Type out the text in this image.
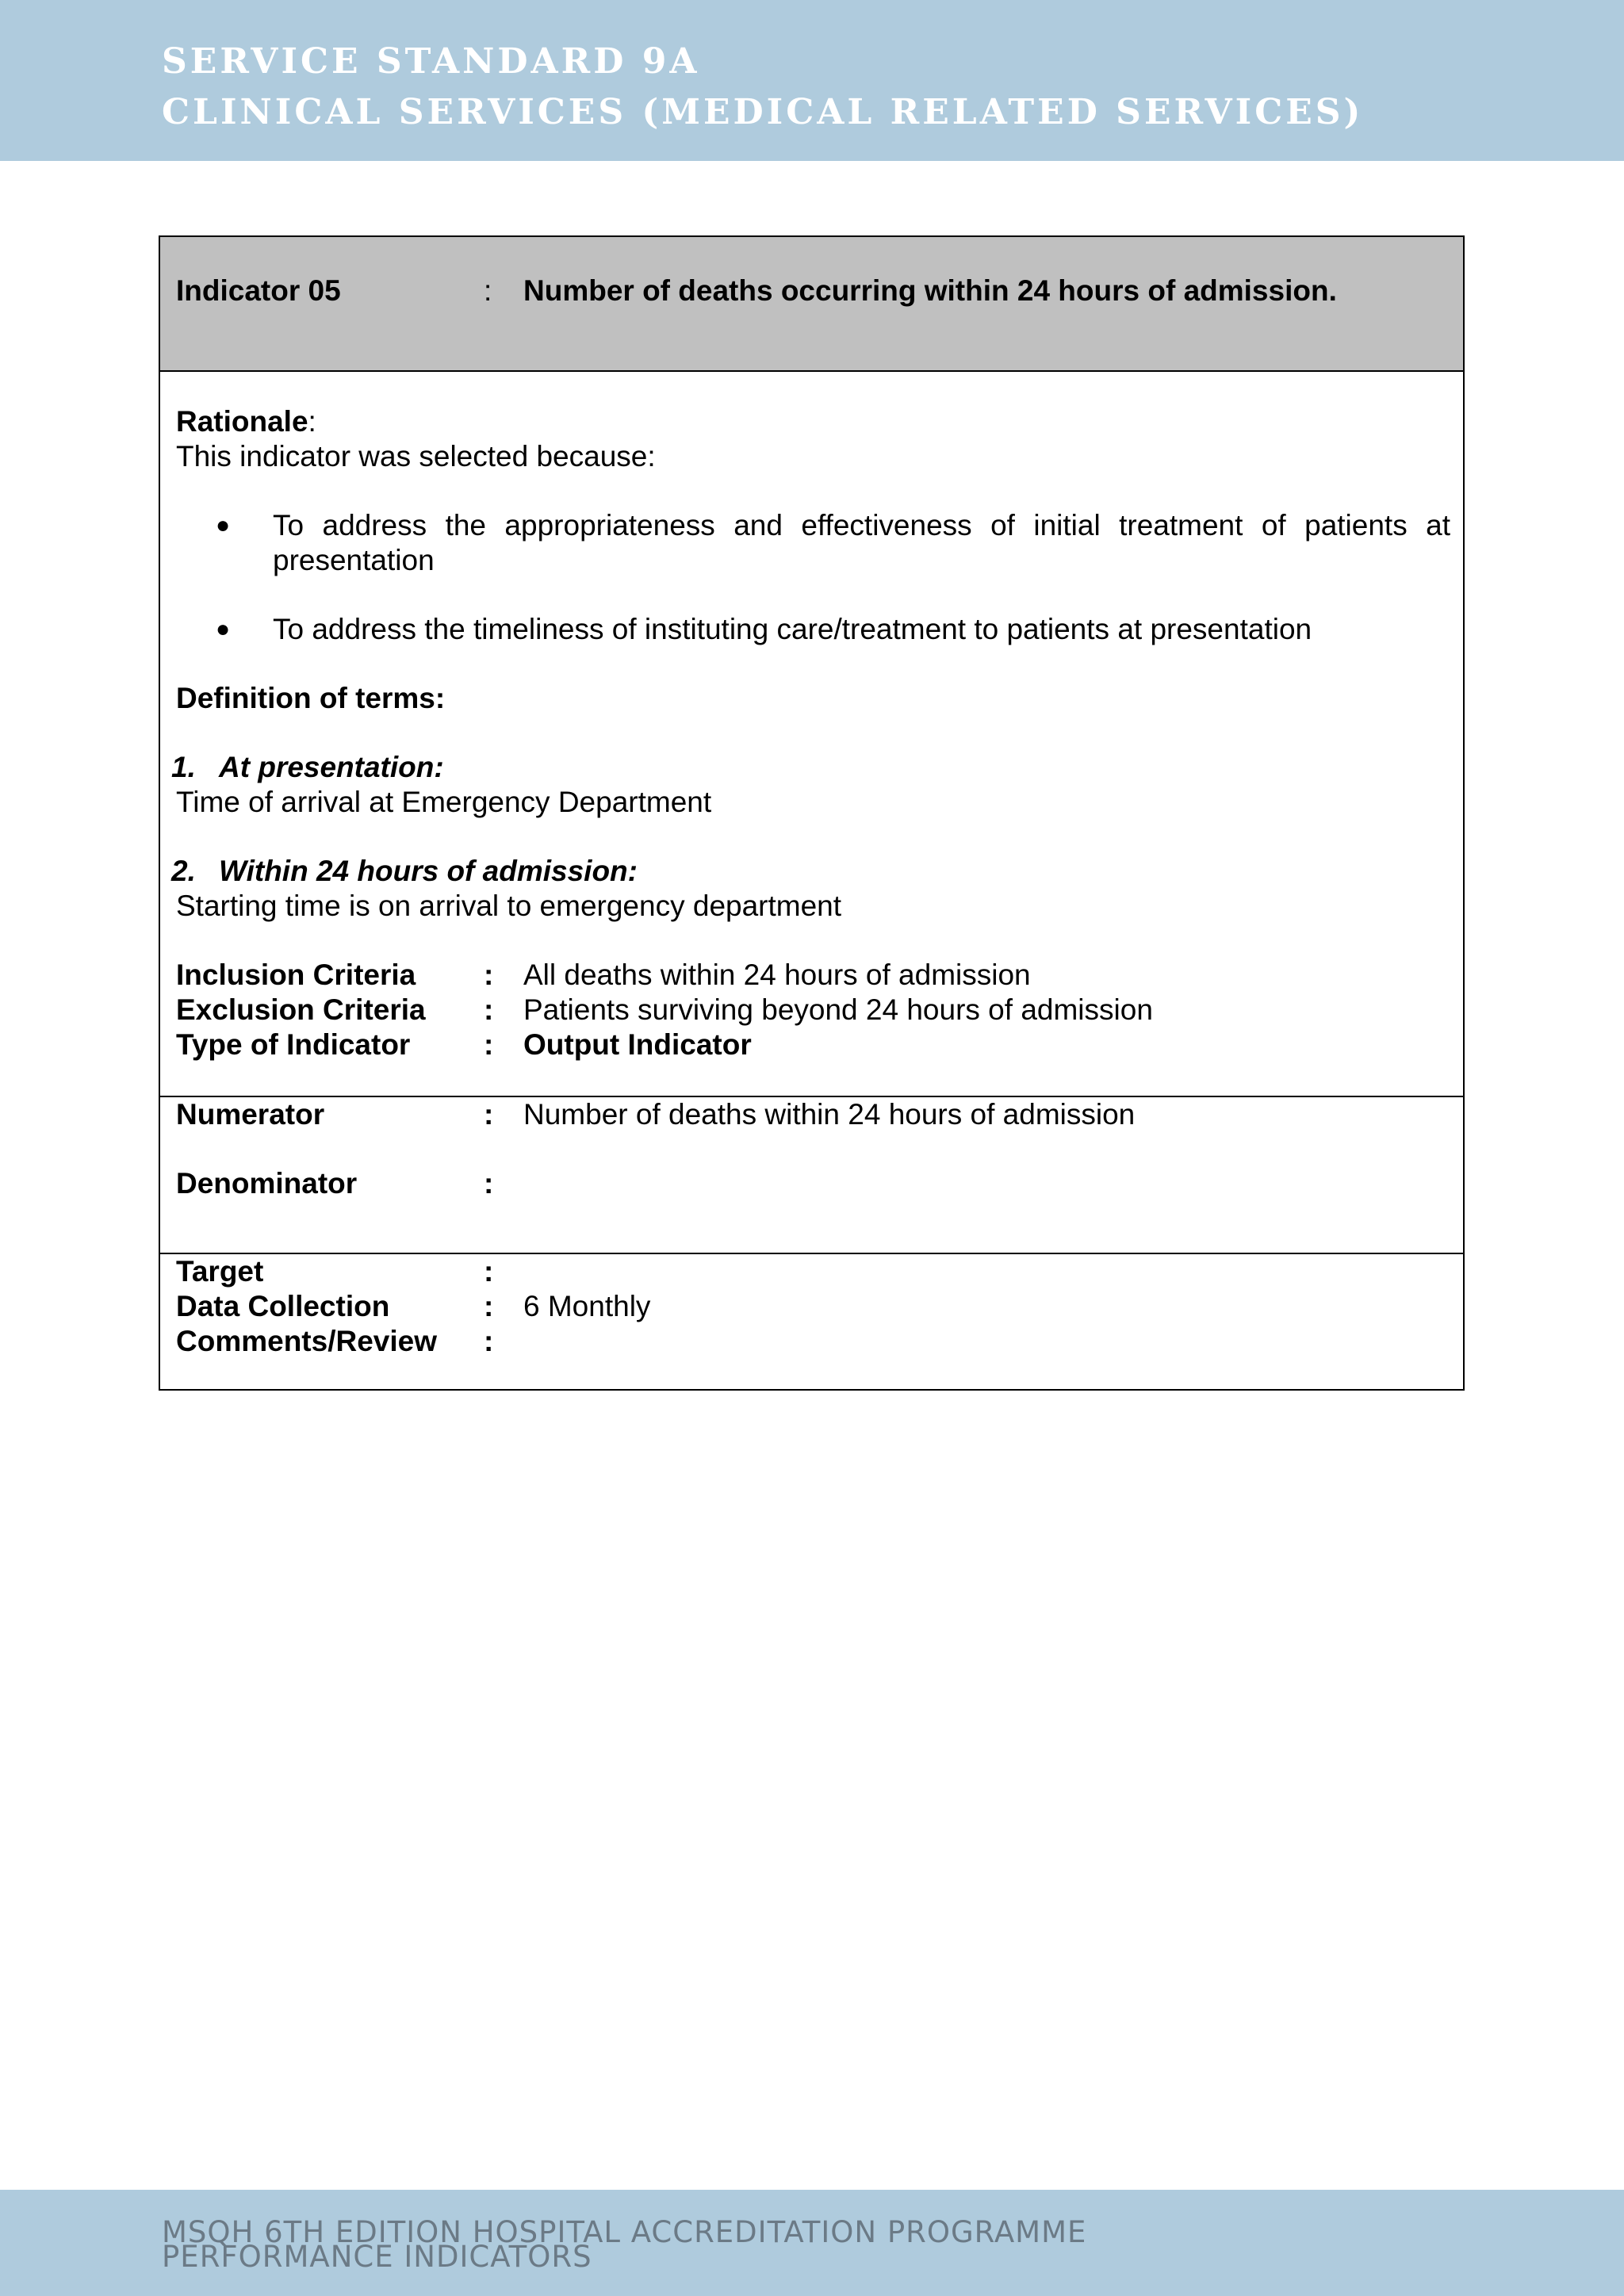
SERVICE STANDARD 9A
CLINICAL SERVICES (MEDICAL RELATED SERVICES)
Indicator 05	: Number of deaths occurring within 24 hours of admission.
Rationale:
This indicator was selected because:
● To address the appropriateness and effectiveness of initial treatment of patients at presentation
● To address the timeliness of instituting care/treatment to patients at presentation
Definition of terms:
1. At presentation:
Time of arrival at Emergency Department
2. Within 24 hours of admission:
Starting time is on arrival to emergency department
Inclusion Criteria : All deaths within 24 hours of admission
Exclusion Criteria : Patients surviving beyond 24 hours of admission
Type of Indicator	: Output Indicator
Numerator	: Number of deaths within 24 hours of admission
Denominator	:
Target	:
Data Collection	: 6 Monthly
Comments/Review :
MSQH 6TH EDITION HOSPITAL ACCREDITATION PROGRAMME
PERFORMANCE INDICATORS
